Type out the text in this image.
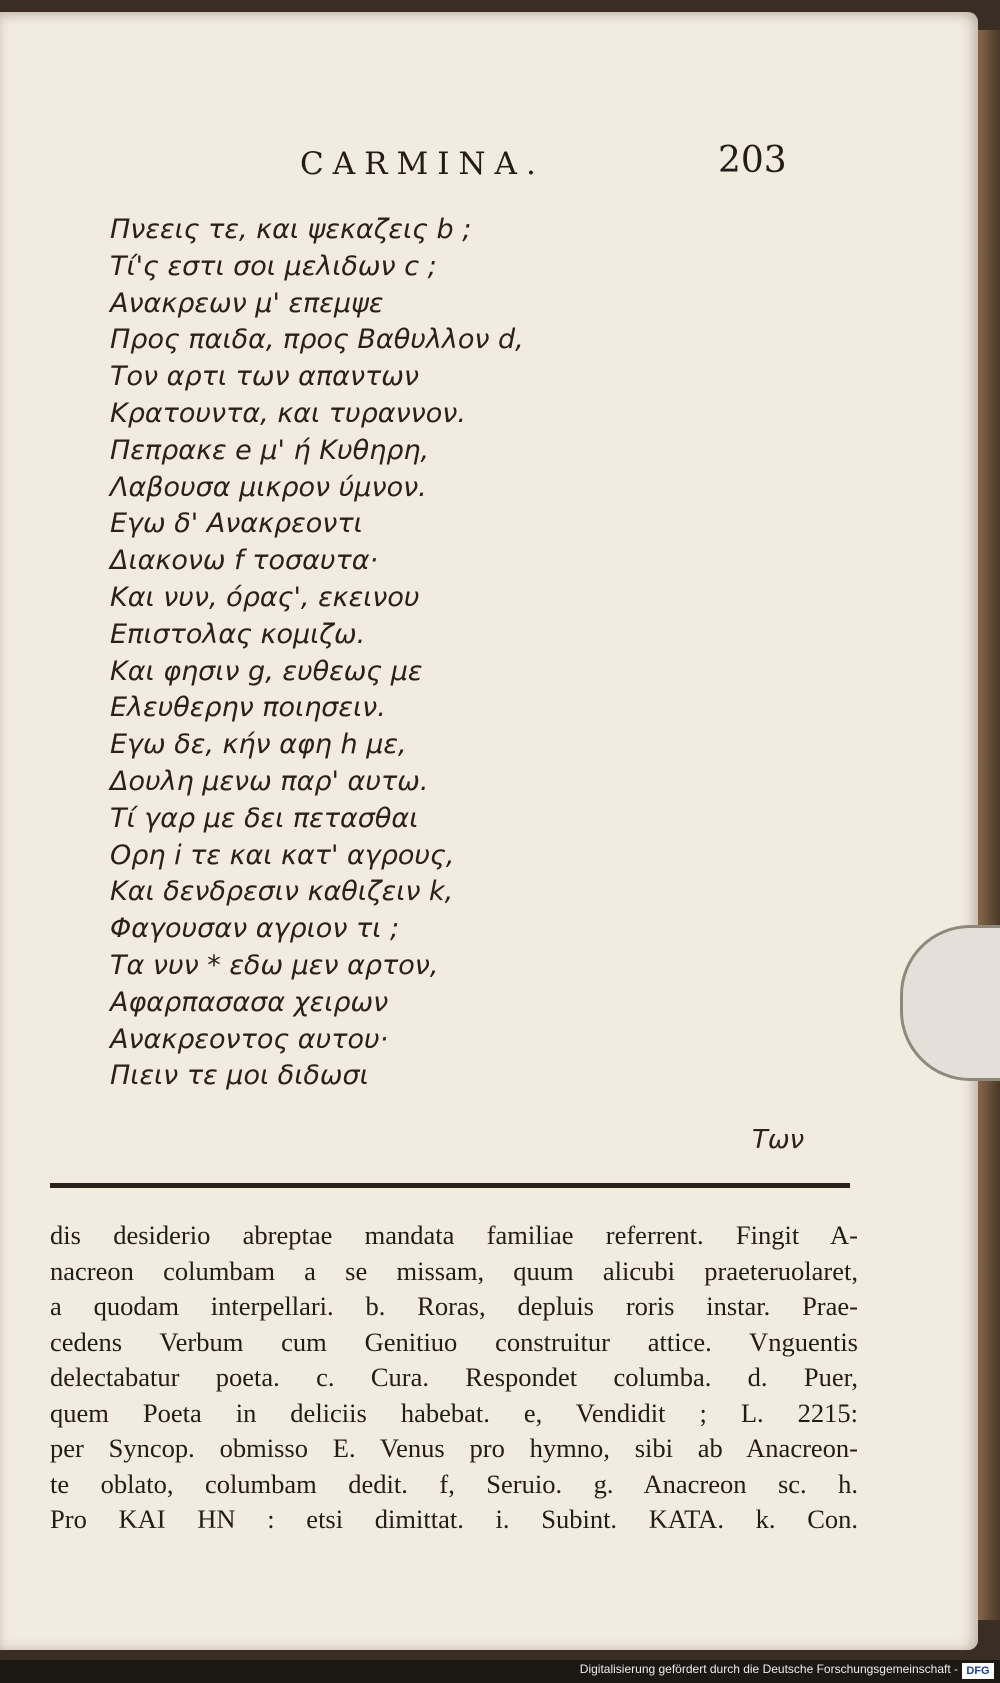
CARMINA.	203
Πνεεις τε, και ψεκαζεις b ;
Τί'ς εστι σοι μελιδων c ;
Ανακρεων μ' επεμψε
Προς παιδα, προς Βαθυλλον d,
Τον αρτι των απαντων
Κρατουντα, και τυραννον.
Πεπρακε e μ' ή Κυθηρη,
Λαβουσα μικρον ύμνον.
Εγω δ' Ανακρεοντι
Διακονω f τοσαυτα·
Και νυν, όρας', εκεινου
Επιστολας κομιζω.
Και φησιν g, ευθεως με
Ελευθερην ποιησειν.
Εγω δε, κήν αφη h με,
Δουλη μενω παρ' αυτω.
Τί γαρ με δει πετασθαι
Ορη i τε και κατ' αγρους,
Και δενδρεσιν καθιζειν k,
Φαγουσαν αγριον τι ;
Τα νυν * εδω μεν αρτον,
Αφαρπασασα χειρων
Ανακρεοντος αυτου·
Πιειν τε μοι διδωσι
Των
dis desiderio abreptae mandata familiae referrent. Fingit A-
nacreon columbam a se missam, quum alicubi praeteruolaret,
a quodam interpellari. b. Roras, depluis roris instar. Prae-
cedens Verbum cum Genitiuo construitur attice. Vnguentis
delectabatur poeta. c. Cura. Respondet columba. d. Puer,
quem Poeta in deliciis habebat. e, Vendidit ; L. 2215:
per Syncop. obmisso E. Venus pro hymno, sibi ab Anacreon-
te oblato, columbam dedit. f, Seruio. g. Anacreon sc. h.
Pro ΚΑΙ ΗΝ : etsi dimittat. i. Subint. ΚΑΤΑ. k. Con.
Digitalisierung gefördert durch die Deutsche Forschungsgemeinschaft - DFG
